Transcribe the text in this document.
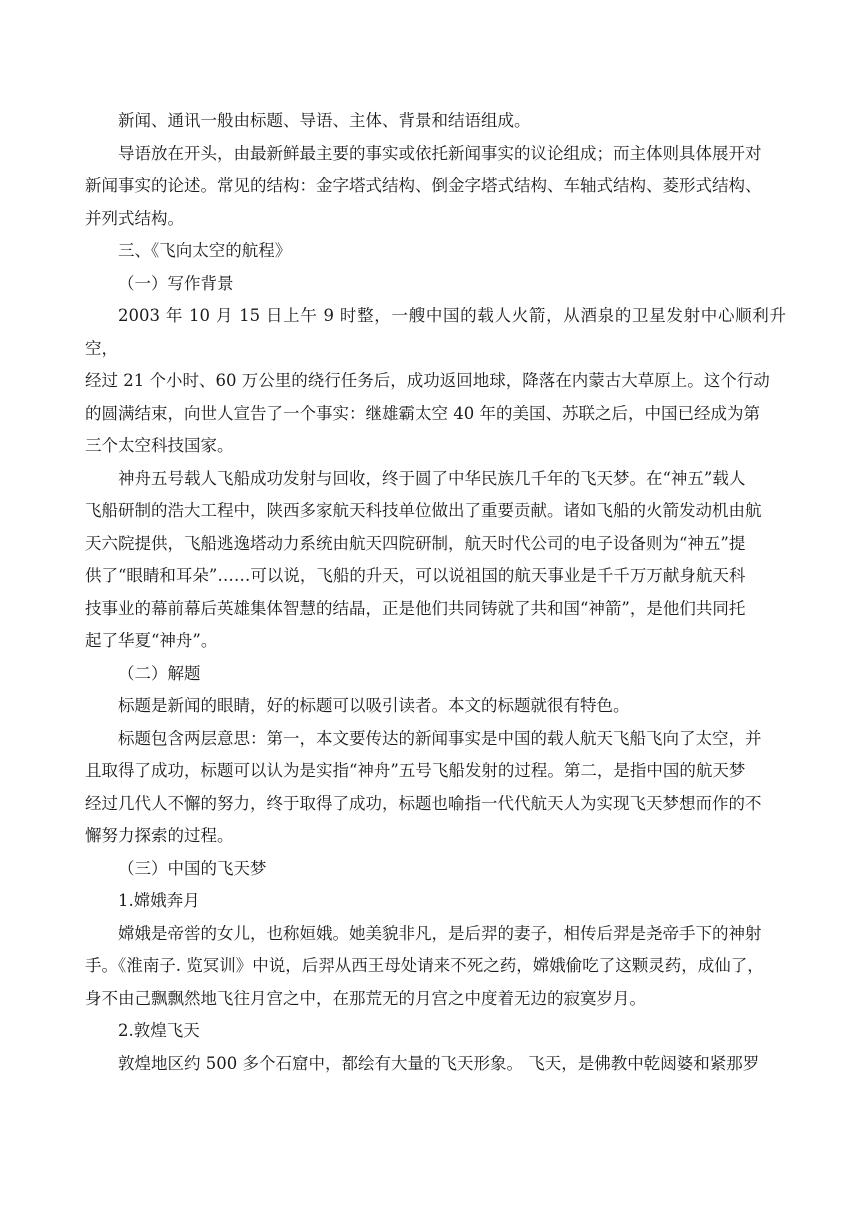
新闻、通讯一般由标题、导语、主体、背景和结语组成。

导语放在开头，由最新鲜最主要的事实或依托新闻事实的议论组成；而主体则具体展开对
新闻事实的论述。常见的结构：金字塔式结构、倒金字塔式结构、车轴式结构、菱形式结构、
并列式结构。

三、《飞向太空的航程》

（一）写作背景

2003 年 10 月 15 日上午 9 时整，一艘中国的载人火箭，从酒泉的卫星发射中心顺利升空，
经过 21 个小时、60 万公里的绕行任务后，成功返回地球，降落在内蒙古大草原上。这个行动
的圆满结束，向世人宣告了一个事实：继雄霸太空 40 年的美国、苏联之后，中国已经成为第
三个太空科技国家。

神舟五号载人飞船成功发射与回收，终于圆了中华民族几千年的飞天梦。在“神五”载人
飞船研制的浩大工程中，陕西多家航天科技单位做出了重要贡献。诸如飞船的火箭发动机由航
天六院提供，飞船逃逸塔动力系统由航天四院研制，航天时代公司的电子设备则为“神五”提
供了“眼睛和耳朵”……可以说，飞船的升天，可以说祖国的航天事业是千千万万献身航天科
技事业的幕前幕后英雄集体智慧的结晶，正是他们共同铸就了共和国“神箭”，是他们共同托
起了华夏“神舟”。

（二）解题

标题是新闻的眼睛，好的标题可以吸引读者。本文的标题就很有特色。

标题包含两层意思：第一，本文要传达的新闻事实是中国的载人航天飞船飞向了太空，并
且取得了成功，标题可以认为是实指“神舟”五号飞船发射的过程。第二，是指中国的航天梦
经过几代人不懈的努力，终于取得了成功，标题也喻指一代代航天人为实现飞天梦想而作的不
懈努力探索的过程。

（三）中国的飞天梦

1.嫦娥奔月

嫦娥是帝喾的女儿，也称姮娥。她美貌非凡，是后羿的妻子，相传后羿是尧帝手下的神射
手。《淮南子. 览冥训》中说，后羿从西王母处请来不死之药，嫦娥偷吃了这颗灵药，成仙了，
身不由己飘飘然地飞往月宫之中，在那荒无的月宫之中度着无边的寂寞岁月。

2.敦煌飞天

敦煌地区约 500 多个石窟中，都绘有大量的飞天形象。 飞天，是佛教中乾闼婆和紧那罗
